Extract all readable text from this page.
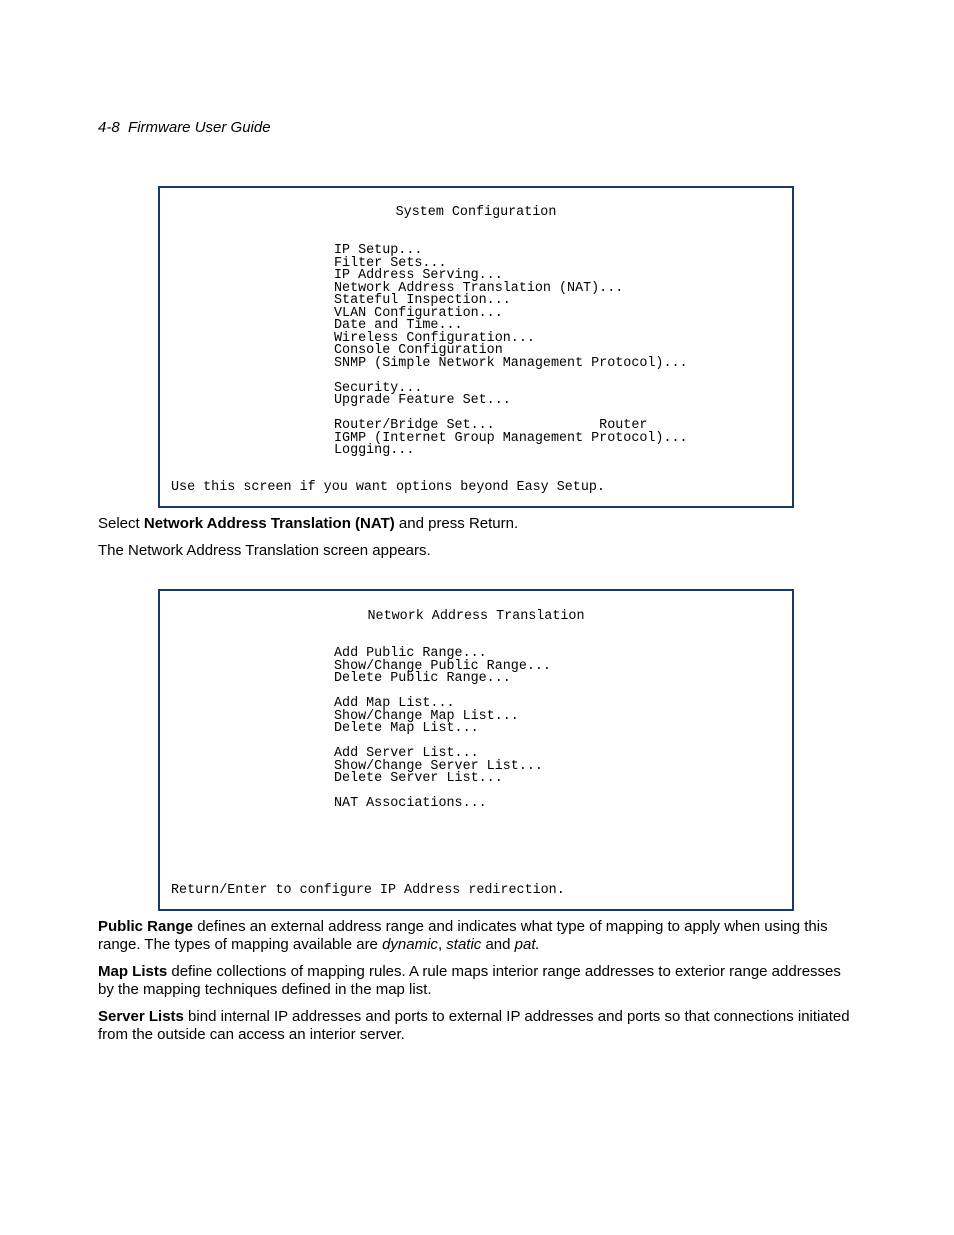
4-8 Firmware User Guide
System Configuration
IP Setup...
Filter Sets...
IP Address Serving...
Network Address Translation (NAT)...
Stateful Inspection...
VLAN Configuration...
Date and Time...
Wireless Configuration...
Console Configuration
SNMP (Simple Network Management Protocol)...
Security...
Upgrade Feature Set...
Router/Bridge Set...             Router
IGMP (Internet Group Management Protocol)...
Logging...
Use this screen if you want options beyond Easy Setup.

Select Network Address Translation (NAT) and press Return.

The Network Address Translation screen appears.

Network Address Translation
Add Public Range...
Show/Change Public Range...
Delete Public Range...
Add Map List...
Show/Change Map List...
Delete Map List...
Add Server List...
Show/Change Server List...
Delete Server List...
NAT Associations...
Return/Enter to configure IP Address redirection.

Public Range defines an external address range and indicates what type of mapping to apply when using this range. The types of mapping available are dynamic, static and pat.

Map Lists define collections of mapping rules. A rule maps interior range addresses to exterior range addresses by the mapping techniques defined in the map list.

Server Lists bind internal IP addresses and ports to external IP addresses and ports so that connections initiated from the outside can access an interior server.
